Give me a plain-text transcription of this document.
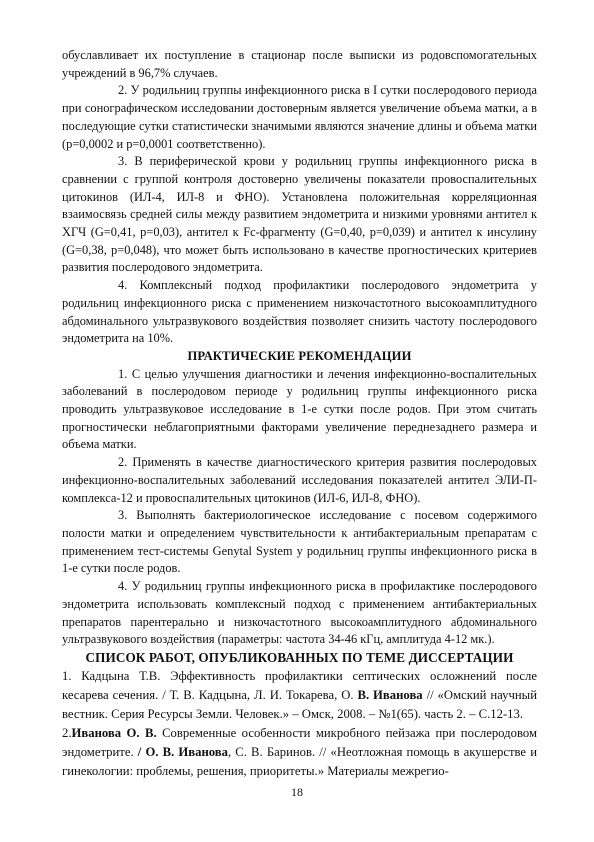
обуславливает их поступление в стационар после выписки из родовспомогательных учреждений в 96,7% случаев.

2. У родильниц группы инфекционного риска в I сутки послеродового периода при сонографическом исследовании достоверным является увеличение объема матки, а в последующие сутки статистически значимыми являются значение длины и объема матки (p=0,0002 и p=0,0001 соответственно).

3. В периферической крови у родильниц группы инфекционного риска в сравнении с группой контроля достоверно увеличены показатели провоспалительных цитокинов (ИЛ-4, ИЛ-8 и ФНО). Установлена положительная корреляционная взаимосвязь средней силы между развитием эндометрита и низкими уровнями антител к ХГЧ (G=0,41, p=0,03), антител к Fc-фрагменту (G=0,40, p=0,039) и антител к инсулину (G=0,38, p=0,048), что может быть использовано в качестве прогностических критериев развития послеродового эндометрита.

4. Комплексный подход профилактики послеродового эндометрита у родильниц инфекционного риска с применением низкочастотного высокоамплитудного абдоминального ультразвукового воздействия позволяет снизить частоту послеродового эндометрита на 10%.

ПРАКТИЧЕСКИЕ РЕКОМЕНДАЦИИ

1. С целью улучшения диагностики и лечения инфекционно-воспалительных заболеваний в послеродовом периоде у родильниц группы инфекционного риска проводить ультразвуковое исследование в 1-е сутки после родов. При этом считать прогностически неблагоприятными факторами увеличение переднезаднего размера и объема матки.

2. Применять в качестве диагностического критерия развития послеродовых инфекционно-воспалительных заболеваний исследования показателей антител ЭЛИ-П-комплекса-12 и провоспалительных цитокинов (ИЛ-6, ИЛ-8, ФНО).

3. Выполнять бактериологическое исследование с посевом содержимого полости матки и определением чувствительности к антибактериальным препаратам с применением тест-системы Genytal System у родильниц группы инфекционного риска в 1-е сутки после родов.

4. У родильниц группы инфекционного риска в профилактике послеродового эндометрита использовать комплексный подход с применением антибактериальных препаратов парентерально и низкочастотного высокоамплитудного абдоминального ультразвукового воздействия (параметры: частота 34-46 кГц, амплитуда 4-12 мк.).

СПИСОК РАБОТ, ОПУБЛИКОВАННЫХ ПО ТЕМЕ ДИССЕРТАЦИИ

1. Кадцына Т.В. Эффективность профилактики септических осложнений после кесарева сечения. / Т. В. Кадцына, Л. И. Токарева, О. В. Иванова // «Омский научный вестник. Серия Ресурсы Земли. Человек.» – Омск, 2008. – №1(65). часть 2. – С.12-13.

2.Иванова О. В. Современные особенности микробного пейзажа при послеродовом эндометрите. / О. В. Иванова, С. В. Баринов. // «Неотложная помощь в акушерстве и гинекологии: проблемы, решения, приоритеты.» Материалы межрегио-

18
